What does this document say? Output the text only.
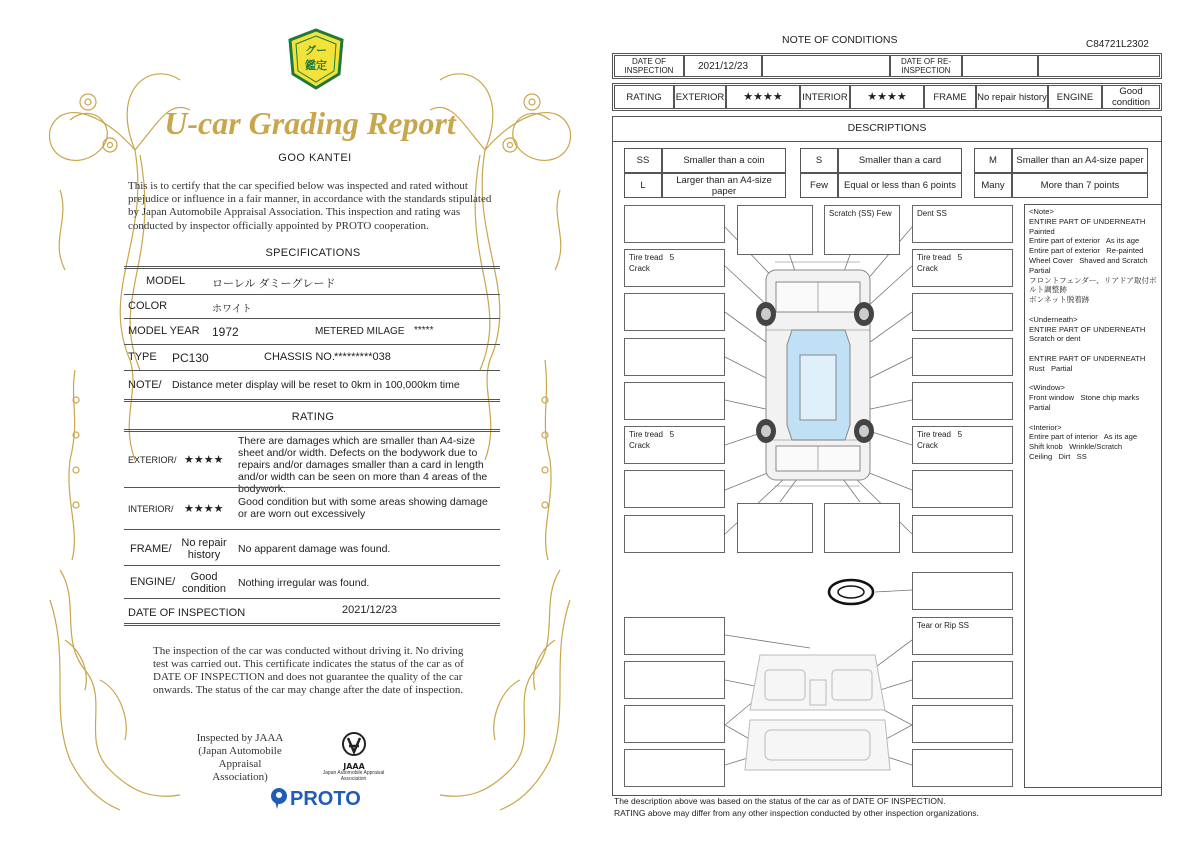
グー
鑑定
U-car Grading Report
GOO KANTEI
This is to certify that the car specified below was inspected and rated without prejudice or influence in a fair manner, in accordance with the standards stipulated by Japan Automobile Appraisal Association. This inspection and rating was conducted by inspector officially appointed by PROTO cooperation.
SPECIFICATIONS
MODEL ローレル ダミーグレード
COLOR	ホワイト
MODEL YEAR 1972	METERED MILAGE *****
TYPE PC130	CHASSIS NO. *********038
NOTE/ Distance meter display will be reset to 0km in 100,000km time
RATING
EXTERIOR/ ★★★★
There are damages which are smaller than A4-size sheet and/or width. Defects on the bodywork due to repairs and/or damages smaller than a card in length and/or width can be seen on more than 4 areas of the bodywork.
INTERIOR/ ★★★★
Good condition but with some areas showing damage or are worn out excessively
FRAME/ No repair history	No apparent damage was found.
ENGINE/	Good condition	Nothing irregular was found.
DATE OF INSPECTION	2021/12/23
The inspection of the car was conducted without driving it. No driving test was carried out. This certificate indicates the status of the car as of DATE OF INSPECTION and does not guarantee the quality of the car onwards. The status of the car may change after the date of inspection.
Inspected by JAAA (Japan Automobile Appraisal Association)
JAAA
Japan Automobile Appraisal Association
PROTO
NOTE OF CONDITIONS	C84721L2302
DATE OF INSPECTION	2021/12/23	DATE OF RE-INSPECTION
RATING	EXTERIOR	★★★★	INTERIOR	★★★★	FRAME	No repair history	ENGINE	Good condition
DESCRIPTIONS
SS	Smaller than a coin	S	Smaller than a card	M	Smaller than an A4-size paper
L	Larger than an A4-size paper	Few	Equal or less than 6 points	Many	More than 7 points
Tire tread   5
Crack
Tire tread   5
Crack
Scratch (SS) Few	Dent SS
Tire tread   5
Crack
Tire tread   5
Crack
Tear or Rip SS
<Note>
ENTIRE PART OF UNDERNEATH   Painted
Entire part of exterior   As its age
Entire part of exterior   Re-painted
Wheel Cover   Shaved and Scratch   Partial
フロントフェンダー、リアドア取付ボルト調整跡
ボンネット脱着跡

<Underneath>
ENTIRE PART OF UNDERNEATH   Scratch or dent

ENTIRE PART OF UNDERNEATH   Rust   Partial

<Window>
Front window   Stone chip marks   Partial

<Interior>
Entire part of interior   As its age
Shift knob   Wrinkle/Scratch
Ceiling   Dirt   SS
The description above was based on the status of the car as of DATE OF INSPECTION.
RATING above may differ from any other inspection conducted by other inspection organizations.
